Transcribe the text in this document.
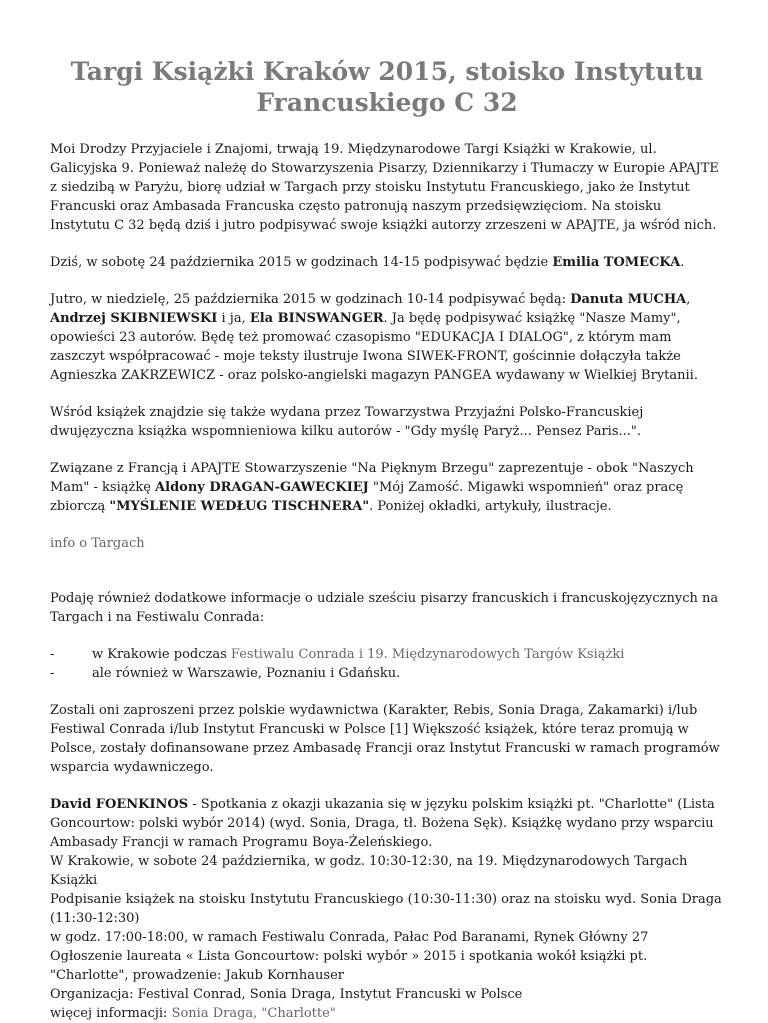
Targi Książki Kraków 2015, stoisko Instytutu Francuskiego C 32

Moi Drodzy Przyjaciele i Znajomi, trwają 19. Międzynarodowe Targi Książki w Krakowie, ul. Galicyjska 9. Ponieważ należę do Stowarzyszenia Pisarzy, Dziennikarzy i Tłumaczy w Europie APAJTE z siedzibą w Paryżu, biorę udział w Targach przy stoisku Instytutu Francuskiego, jako że Instytut Francuski oraz Ambasada Francuska często patronują naszym przedsięwzięciom. Na stoisku Instytutu C 32 będą dziś i jutro podpisywać swoje książki autorzy zrzeszeni w APAJTE, ja wśród nich.

Dziś, w sobotę 24 października 2015 w godzinach 14-15 podpisywać będzie Emilia TOMECKA.

Jutro, w niedzielę, 25 października 2015 w godzinach 10-14 podpisywać będą: Danuta MUCHA, Andrzej SKIBNIEWSKI i ja, Ela BINSWANGER. Ja będę podpisywać książkę "Nasze Mamy", opowieści 23 autorów. Będę też promować czasopismo "EDUKACJA I DIALOG", z którym mam zaszczyt współpracować - moje teksty ilustruje Iwona SIWEK-FRONT, gościnnie dołączyła także Agnieszka ZAKRZEWICZ - oraz polsko-angielski magazyn PANGEA wydawany w Wielkiej Brytanii.

Wśród książek znajdzie się także wydana przez Towarzystwa Przyjaźni Polsko-Francuskiej dwujęzyczna książka wspomnieniowa kilku autorów - "Gdy myślę Paryż... Pensez Paris...".

Związane z Francją i APAJTE Stowarzyszenie "Na Pięknym Brzegu" zaprezentuje - obok "Naszych Mam" - książkę Aldony DRAGAN-GAWECKIEJ "Mój Zamość. Migawki wspomnień" oraz pracę zbiorczą "MYŚLENIE WEDŁUG TISCHNERA". Poniżej okładki, artykuły, ilustracje.

info o Targach

Podaję również dodatkowe informacje o udziale sześciu pisarzy francuskich i francuskojęzycznych na Targach i na Festiwalu Conrada:

-	w Krakowie podczas Festiwalu Conrada i 19. Międzynarodowych Targów Książki
-	ale również w Warszawie, Poznaniu i Gdańsku.

Zostali oni zaproszeni przez polskie wydawnictwa (Karakter, Rebis, Sonia Draga, Zakamarki) i/lub Festiwal Conrada i/lub Instytut Francuski w Polsce [1] Większość książek, które teraz promują w Polsce, zostały dofinansowane przez Ambasadę Francji oraz Instytut Francuski w ramach programów wsparcia wydawniczego.

David FOENKINOS - Spotkania z okazji ukazania się w języku polskim książki pt. "Charlotte" (Lista Goncourtow: polski wybór 2014) (wyd. Sonia, Draga, tł. Bożena Sęk). Książkę wydano przy wsparciu Ambasady Francji w ramach Programu Boya-Żeleńskiego.
W Krakowie, w sobote 24 października, w godz. 10:30-12:30, na 19. Międzynarodowych Targach Książki
Podpisanie książek na stoisku Instytutu Francuskiego (10:30-11:30) oraz na stoisku wyd. Sonia Draga (11:30-12:30)
w godz. 17:00-18:00, w ramach Festiwalu Conrada, Pałac Pod Baranami, Rynek Główny 27
Ogłoszenie laureata « Lista Goncourtow: polski wybór » 2015 i spotkania wokół książki pt. "Charlotte", prowadzenie: Jakub Kornhauser
Organizacja: Festival Conrad, Sonia Draga, Instytut Francuski w Polsce
więcej informacji: Sonia Draga, "Charlotte"
